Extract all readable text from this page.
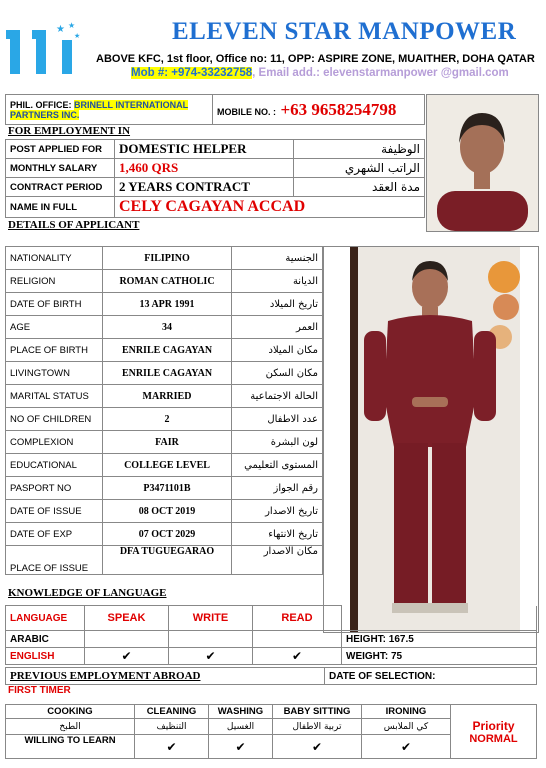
★ ★
★	ELEVEN STAR MANPOWER
ABOVE KFC, 1st floor, Office no: 11, OPP: ASPIRE ZONE, MUAITHER, DOHA QATAR
Mob #: +974-33232758, Email add.: elevenstarmanpower @gmail.com
PHIL. OFFICE: BRINELL INTERNATIONAL PARTNERS INC.	MOBILE NO. : +63 9658254798
FOR EMPLOYMENT IN
POST APPLIED FOR	DOMESTIC HELPER	الوظيفة
MONTHLY SALARY	1,460 QRS	الراتب الشهري
CONTRACT PERIOD	2 YEARS CONTRACT	مدة العقد
NAME IN FULL	CELY CAGAYAN ACCAD	
DETAILS OF APPLICANT
NATIONALITY	FILIPINO	الجنسية
RELIGION	ROMAN CATHOLIC	الديانة
DATE OF BIRTH	13 APR 1991	تاريخ الميلاد
AGE	34	العمر
PLACE OF BIRTH	ENRILE CAGAYAN	مكان الميلاد
LIVINGTOWN	ENRILE CAGAYAN	مكان السكن
MARITAL STATUS	MARRIED	الحالة الاجتماعية
NO OF CHILDREN	2	عدد الاطفال
COMPLEXION	FAIR	لون البشرة
EDUCATIONAL	COLLEGE LEVEL	المستوى التعليمي
PASPORT NO	P3471101B	رقم الجواز
DATE OF ISSUE	08 OCT 2019	تاريخ الاصدار
DATE OF EXP	07 OCT 2029	تاريخ الانتهاء
PLACE OF ISSUE	DFA TUGUEGARAO	مكان الاصدار
KNOWLEDGE OF LANGUAGE
LANGUAGE	SPEAK	WRITE	READ	
ARABIC				HEIGHT: 167.5
ENGLISH	✔	✔	✔	WEIGHT: 75
PREVIOUS EMPLOYMENT ABROAD	DATE OF SELECTION:
FIRST TIMER
COOKING	CLEANING	WASHING	BABY SITTING	IRONING	Priority
NORMAL

الطبخ	التنظيف	الغسيل	تربية الاطفال	كي الملابس	
WILLING TO LEARN	✔	✔	✔	✔	
